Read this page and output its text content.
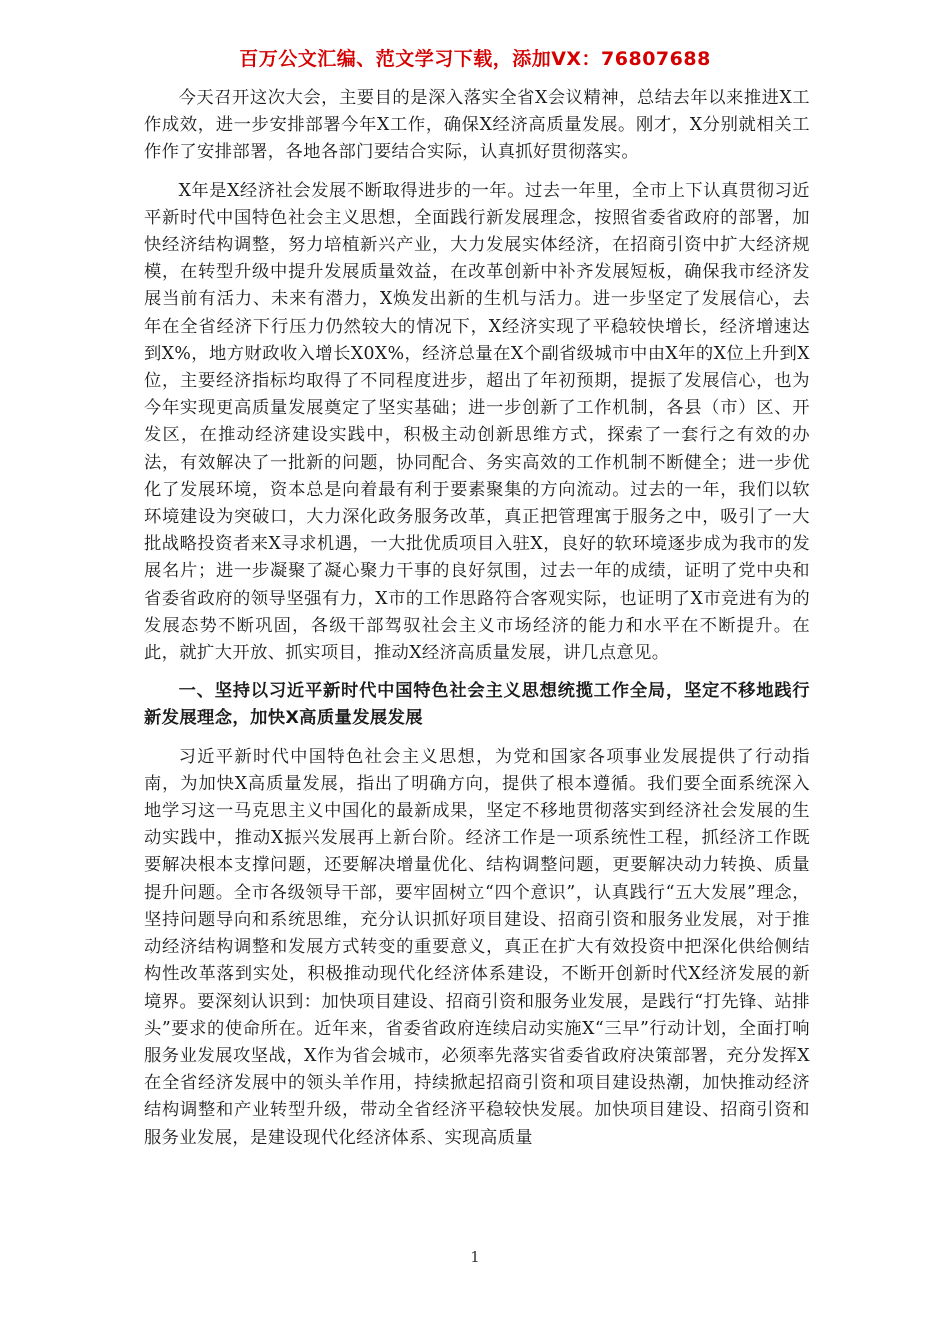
百万公文汇编、范文学习下载，添加VX：76807688

今天召开这次大会，主要目的是深入落实全省X会议精神，总结去年以来推进X工作成效，进一步安排部署今年X工作，确保X经济高质量发展。刚才，X分别就相关工作作了安排部署，各地各部门要结合实际，认真抓好贯彻落实。

X年是X经济社会发展不断取得进步的一年。过去一年里，全市上下认真贯彻习近平新时代中国特色社会主义思想，全面践行新发展理念，按照省委省政府的部署，加快经济结构调整，努力培植新兴产业，大力发展实体经济，在招商引资中扩大经济规模，在转型升级中提升发展质量效益，在改革创新中补齐发展短板，确保我市经济发展当前有活力、未来有潜力，X焕发出新的生机与活力。进一步坚定了发展信心，去年在全省经济下行压力仍然较大的情况下，X经济实现了平稳较快增长，经济增速达到X%，地方财政收入增长X0X%，经济总量在X个副省级城市中由X年的X位上升到X位，主要经济指标均取得了不同程度进步，超出了年初预期，提振了发展信心，也为今年实现更高质量发展奠定了坚实基础；进一步创新了工作机制，各县（市）区、开发区，在推动经济建设实践中，积极主动创新思维方式，探索了一套行之有效的办法，有效解决了一批新的问题，协同配合、务实高效的工作机制不断健全；进一步优化了发展环境，资本总是向着最有利于要素聚集的方向流动。过去的一年，我们以软环境建设为突破口，大力深化政务服务改革，真正把管理寓于服务之中，吸引了一大批战略投资者来X寻求机遇，一大批优质项目入驻X，良好的软环境逐步成为我市的发展名片；进一步凝聚了凝心聚力干事的良好氛围，过去一年的成绩，证明了党中央和省委省政府的领导坚强有力，X市的工作思路符合客观实际，也证明了X市竞进有为的发展态势不断巩固，各级干部驾驭社会主义市场经济的能力和水平在不断提升。在此，就扩大开放、抓实项目，推动X经济高质量发展，讲几点意见。

一、坚持以习近平新时代中国特色社会主义思想统揽工作全局，坚定不移地践行新发展理念，加快X高质量发展发展

习近平新时代中国特色社会主义思想，为党和国家各项事业发展提供了行动指南，为加快X高质量发展，指出了明确方向，提供了根本遵循。我们要全面系统深入地学习这一马克思主义中国化的最新成果，坚定不移地贯彻落实到经济社会发展的生动实践中，推动X振兴发展再上新台阶。经济工作是一项系统性工程，抓经济工作既要解决根本支撑问题，还要解决增量优化、结构调整问题，更要解决动力转换、质量提升问题。全市各级领导干部，要牢固树立“四个意识”，认真践行“五大发展”理念，坚持问题导向和系统思维，充分认识抓好项目建设、招商引资和服务业发展，对于推动经济结构调整和发展方式转变的重要意义，真正在扩大有效投资中把深化供给侧结构性改革落到实处，积极推动现代化经济体系建设，不断开创新时代X经济发展的新境界。要深刻认识到：加快项目建设、招商引资和服务业发展，是践行“打先锋、站排头”要求的使命所在。近年来，省委省政府连续启动实施X“三早”行动计划，全面打响服务业发展攻坚战，X作为省会城市，必须率先落实省委省政府决策部署，充分发挥X在全省经济发展中的领头羊作用，持续掀起招商引资和项目建设热潮，加快推动经济结构调整和产业转型升级，带动全省经济平稳较快发展。加快项目建设、招商引资和服务业发展，是建设现代化经济体系、实现高质量

1
